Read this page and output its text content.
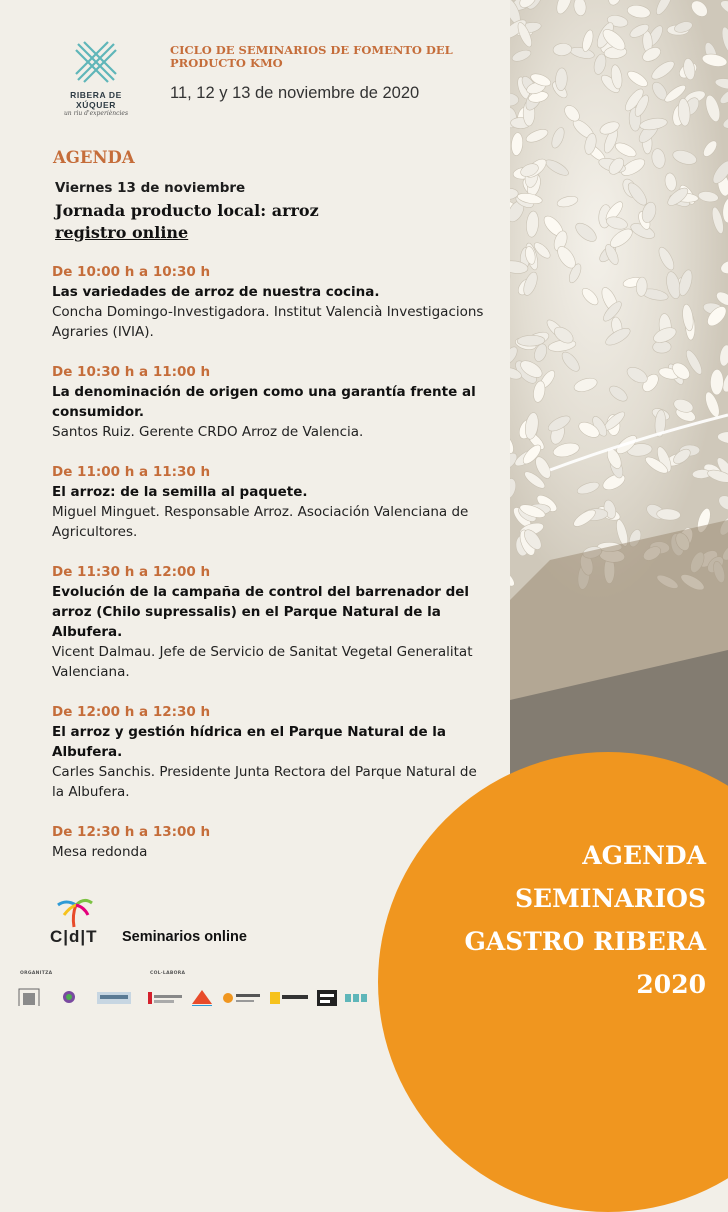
AGENDA
SEMINARIOS
GASTRO RIBERA
2020
RIBERA DE XÚQUER
un riu d'experiències
CICLO DE SEMINARIOS DE FOMENTO DEL PRODUCTO KMO
11, 12 y 13 de noviembre de 2020
AGENDA
Viernes 13 de noviembre
Jornada producto local: arroz
registro online
De 10:00 h a 10:30 h
Las variedades de arroz de nuestra cocina.
Concha Domingo-Investigadora. Institut Valencià Investigacions Agraries (IVIA).
De 10:30 h a 11:00 h
La denominación de origen como una garantía frente al consumidor.
Santos Ruiz. Gerente CRDO Arroz de Valencia.
De 11:00 h a 11:30 h
El arroz: de la semilla al paquete.
Miguel Minguet. Responsable Arroz. Asociación Valenciana de Agricultores.
De 11:30 h a 12:00 h
Evolución de la campaña de control del barrenador del arroz (Chilo supressalis) en el Parque Natural de la Albufera.
Vicent Dalmau. Jefe de Servicio de Sanitat Vegetal Generalitat Valenciana.
De 12:00 h a 12:30 h
El arroz y gestión hídrica en el Parque Natural de la Albufera.
Carles Sanchis. Presidente Junta Rectora del Parque Natural de la Albufera.
De 12:30 h a 13:00 h
Mesa redonda
C|d|T Seminarios online
ORGANITZA	COL·LABORA
